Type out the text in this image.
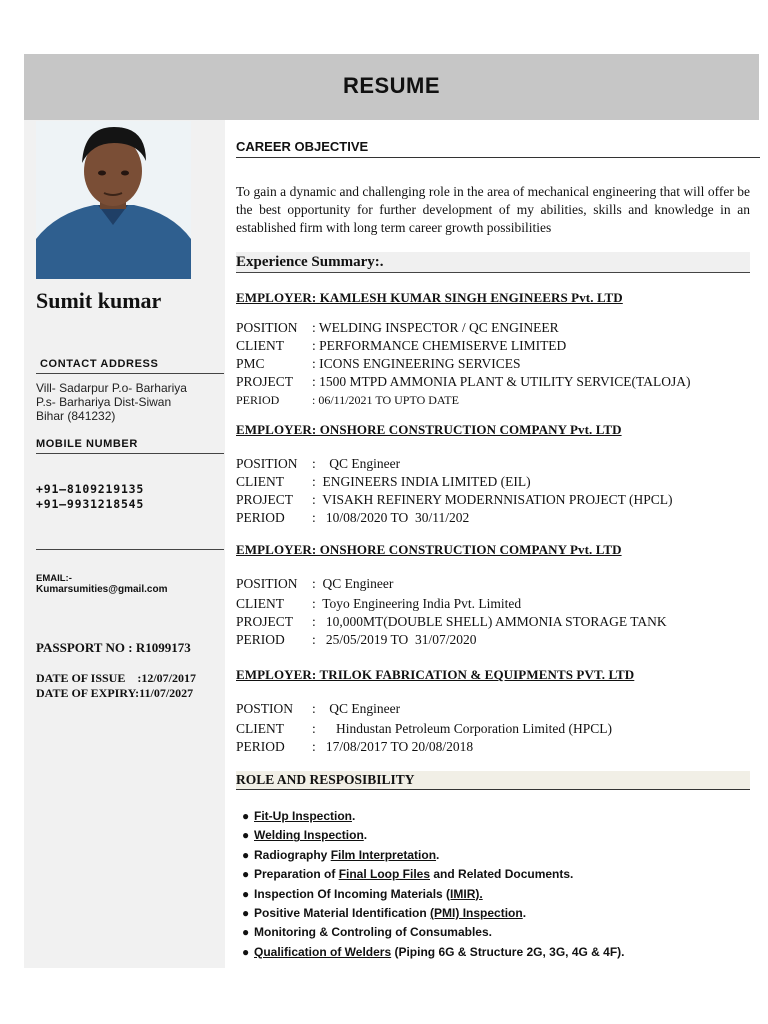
RESUME
Sumit kumar
CONTACT ADDRESS
Vill- Sadarpur P.o- Barhariya
P.s- Barhariya Dist-Siwan
Bihar (841232)
MOBILE NUMBER
+91–8109219135
+91–9931218545
EMAIL:-
Kumarsumities@gmail.com
PASSPORT NO : R1099173
DATE OF ISSUE    :12/07/2017
DATE OF EXPIRY:11/07/2027
CAREER OBJECTIVE
To gain a dynamic and challenging role in the area of mechanical engineering that will offer be the best opportunity for further development of my abilities, skills and knowledge in an established firm with long term career growth possibilities
Experience Summary:.
EMPLOYER: KAMLESH KUMAR SINGH ENGINEERS Pvt. LTD
POSITION : WELDING INSPECTOR / QC ENGINEER
CLIENT : PERFORMANCE CHEMISERVE LIMITED
PMC	: ICONS ENGINEERING SERVICES
PROJECT : 1500 MTPD AMMONIA PLANT & UTILITY SERVICE(TALOJA)
PERIOD	: 06/11/2021 TO UPTO DATE
EMPLOYER: ONSHORE CONSTRUCTION COMPANY Pvt. LTD
POSITION :    QC Engineer
CLIENT :  ENGINEERS INDIA LIMITED (EIL)
PROJECT :  VISAKH REFINERY MODERNNISATION PROJECT (HPCL)
PERIOD :   10/08/2020 TO  30/11/202
EMPLOYER: ONSHORE CONSTRUCTION COMPANY Pvt. LTD
POSITION :  QC Engineer
CLIENT :  Toyo Engineering India Pvt. Limited
PROJECT :   10,000MT(DOUBLE SHELL) AMMONIA STORAGE TANK
PERIOD :   25/05/2019 TO  31/07/2020
EMPLOYER: TRILOK FABRICATION & EQUIPMENTS PVT. LTD
POSTION :    QC Engineer
CLIENT :      Hindustan Petroleum Corporation Limited (HPCL)
PERIOD :   17/08/2017 TO 20/08/2018
ROLE AND RESPOSIBILITY
● Fit-Up Inspection.
● Welding Inspection.
● Radiography Film Interpretation.
● Preparation of Final Loop Files and Related Documents.
● Inspection Of Incoming Materials (IMIR).
● Positive Material Identification (PMI) Inspection.
● Monitoring & Controling of Consumables.
● Qualification of Welders (Piping 6G & Structure 2G, 3G, 4G & 4F).
